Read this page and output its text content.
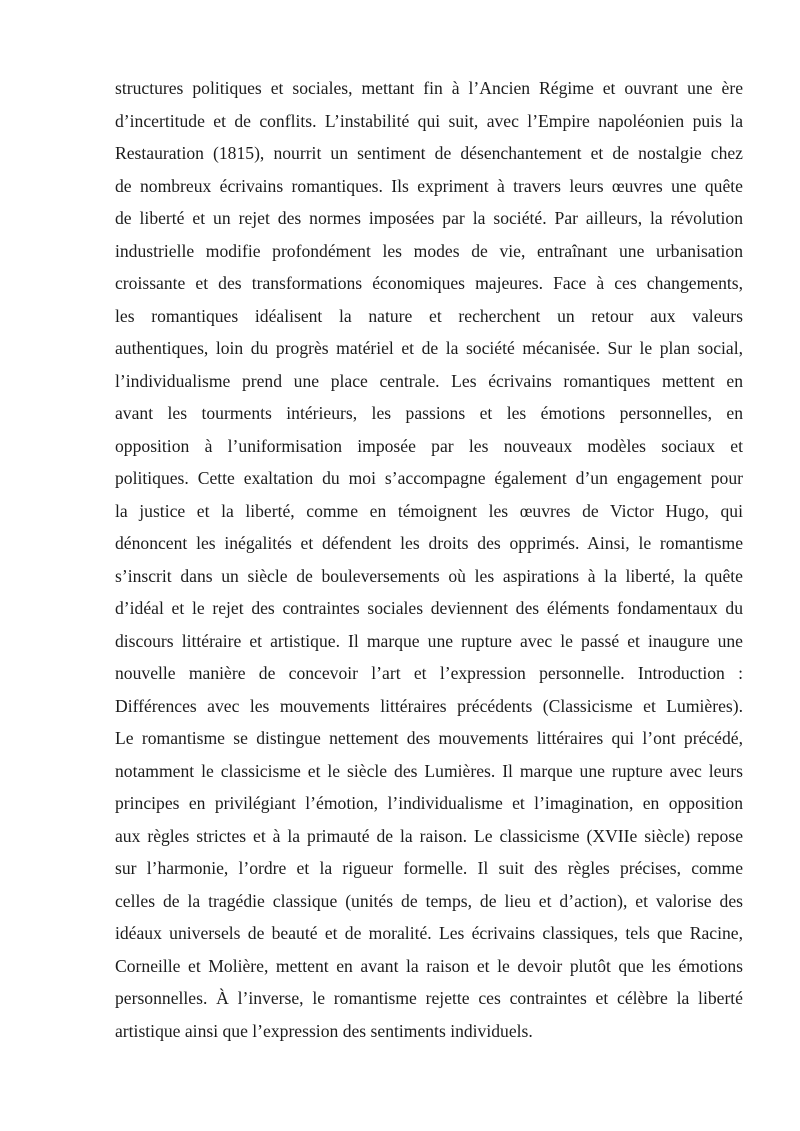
structures politiques et sociales, mettant fin à l’Ancien Régime et ouvrant une ère
d’incertitude et de conflits. L’instabilité qui suit, avec l’Empire napoléonien puis la
Restauration (1815), nourrit un sentiment de désenchantement et de nostalgie chez
de nombreux écrivains romantiques. Ils expriment à travers leurs œuvres une quête
de liberté et un rejet des normes imposées par la société. Par ailleurs, la révolution
industrielle modifie profondément les modes de vie, entraînant une urbanisation
croissante et des transformations économiques majeures. Face à ces changements,
les romantiques idéalisent la nature et recherchent un retour aux valeurs
authentiques, loin du progrès matériel et de la société mécanisée. Sur le plan social,
l’individualisme prend une place centrale. Les écrivains romantiques mettent en
avant les tourments intérieurs, les passions et les émotions personnelles, en
opposition à l’uniformisation imposée par les nouveaux modèles sociaux et
politiques. Cette exaltation du moi s’accompagne également d’un engagement pour
la justice et la liberté, comme en témoignent les œuvres de Victor Hugo, qui
dénoncent les inégalités et défendent les droits des opprimés. Ainsi, le romantisme
s’inscrit dans un siècle de bouleversements où les aspirations à la liberté, la quête
d’idéal et le rejet des contraintes sociales deviennent des éléments fondamentaux du
discours littéraire et artistique. Il marque une rupture avec le passé et inaugure une
nouvelle manière de concevoir l’art et l’expression personnelle. Introduction :
Différences avec les mouvements littéraires précédents (Classicisme et Lumières).
Le romantisme se distingue nettement des mouvements littéraires qui l’ont précédé,
notamment le classicisme et le siècle des Lumières. Il marque une rupture avec leurs
principes en privilégiant l’émotion, l’individualisme et l’imagination, en opposition
aux règles strictes et à la primauté de la raison. Le classicisme (XVIIe siècle) repose
sur l’harmonie, l’ordre et la rigueur formelle. Il suit des règles précises, comme
celles de la tragédie classique (unités de temps, de lieu et d’action), et valorise des
idéaux universels de beauté et de moralité. Les écrivains classiques, tels que Racine,
Corneille et Molière, mettent en avant la raison et le devoir plutôt que les émotions
personnelles. À l’inverse, le romantisme rejette ces contraintes et célèbre la liberté
artistique ainsi que l’expression des sentiments individuels.
